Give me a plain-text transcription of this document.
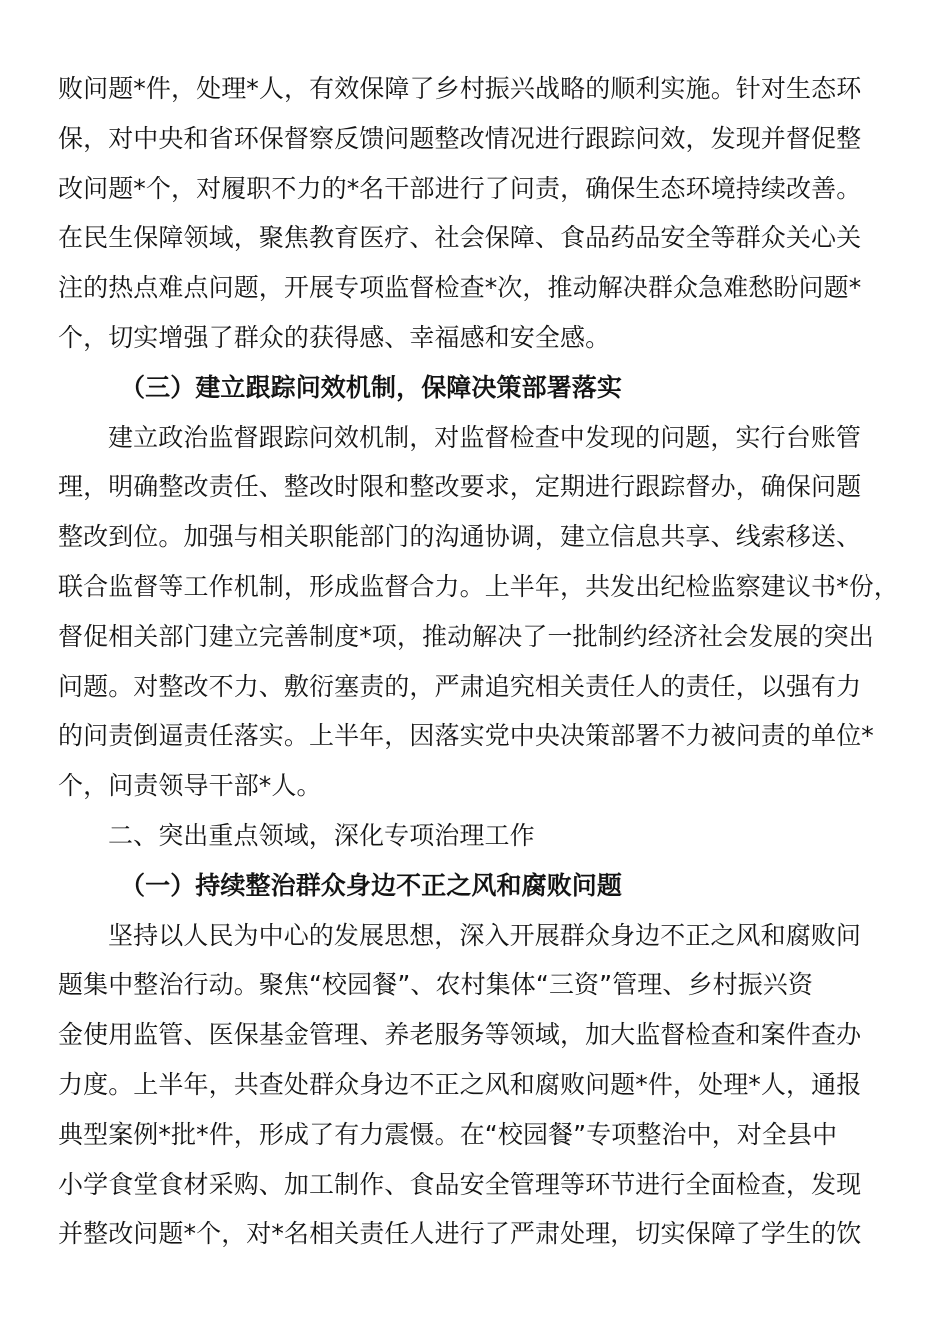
败问题*件，处理*人，有效保障了乡村振兴战略的顺利实施。针对生态环
保，对中央和省环保督察反馈问题整改情况进行跟踪问效，发现并督促整
改问题*个，对履职不力的*名干部进行了问责，确保生态环境持续改善。
在民生保障领域，聚焦教育医疗、社会保障、食品药品安全等群众关心关
注的热点难点问题，开展专项监督检查*次，推动解决群众急难愁盼问题*
个，切实增强了群众的获得感、幸福感和安全感。
（三）建立跟踪问效机制，保障决策部署落实
建立政治监督跟踪问效机制，对监督检查中发现的问题，实行台账管
理，明确整改责任、整改时限和整改要求，定期进行跟踪督办，确保问题
整改到位。加强与相关职能部门的沟通协调，建立信息共享、线索移送、
联合监督等工作机制，形成监督合力。上半年，共发出纪检监察建议书*份，
督促相关部门建立完善制度*项，推动解决了一批制约经济社会发展的突出
问题。对整改不力、敷衍塞责的，严肃追究相关责任人的责任，以强有力
的问责倒逼责任落实。上半年，因落实党中央决策部署不力被问责的单位*
个，问责领导干部*人。
二、突出重点领域，深化专项治理工作
（一）持续整治群众身边不正之风和腐败问题
坚持以人民为中心的发展思想，深入开展群众身边不正之风和腐败问
题集中整治行动。聚焦“校园餐”、农村集体“三资”管理、乡村振兴资
金使用监管、医保基金管理、养老服务等领域，加大监督检查和案件查办
力度。上半年，共查处群众身边不正之风和腐败问题*件，处理*人，通报
典型案例*批*件，形成了有力震慑。在“校园餐”专项整治中，对全县中
小学食堂食材采购、加工制作、食品安全管理等环节进行全面检查，发现
并整改问题*个，对*名相关责任人进行了严肃处理，切实保障了学生的饮
